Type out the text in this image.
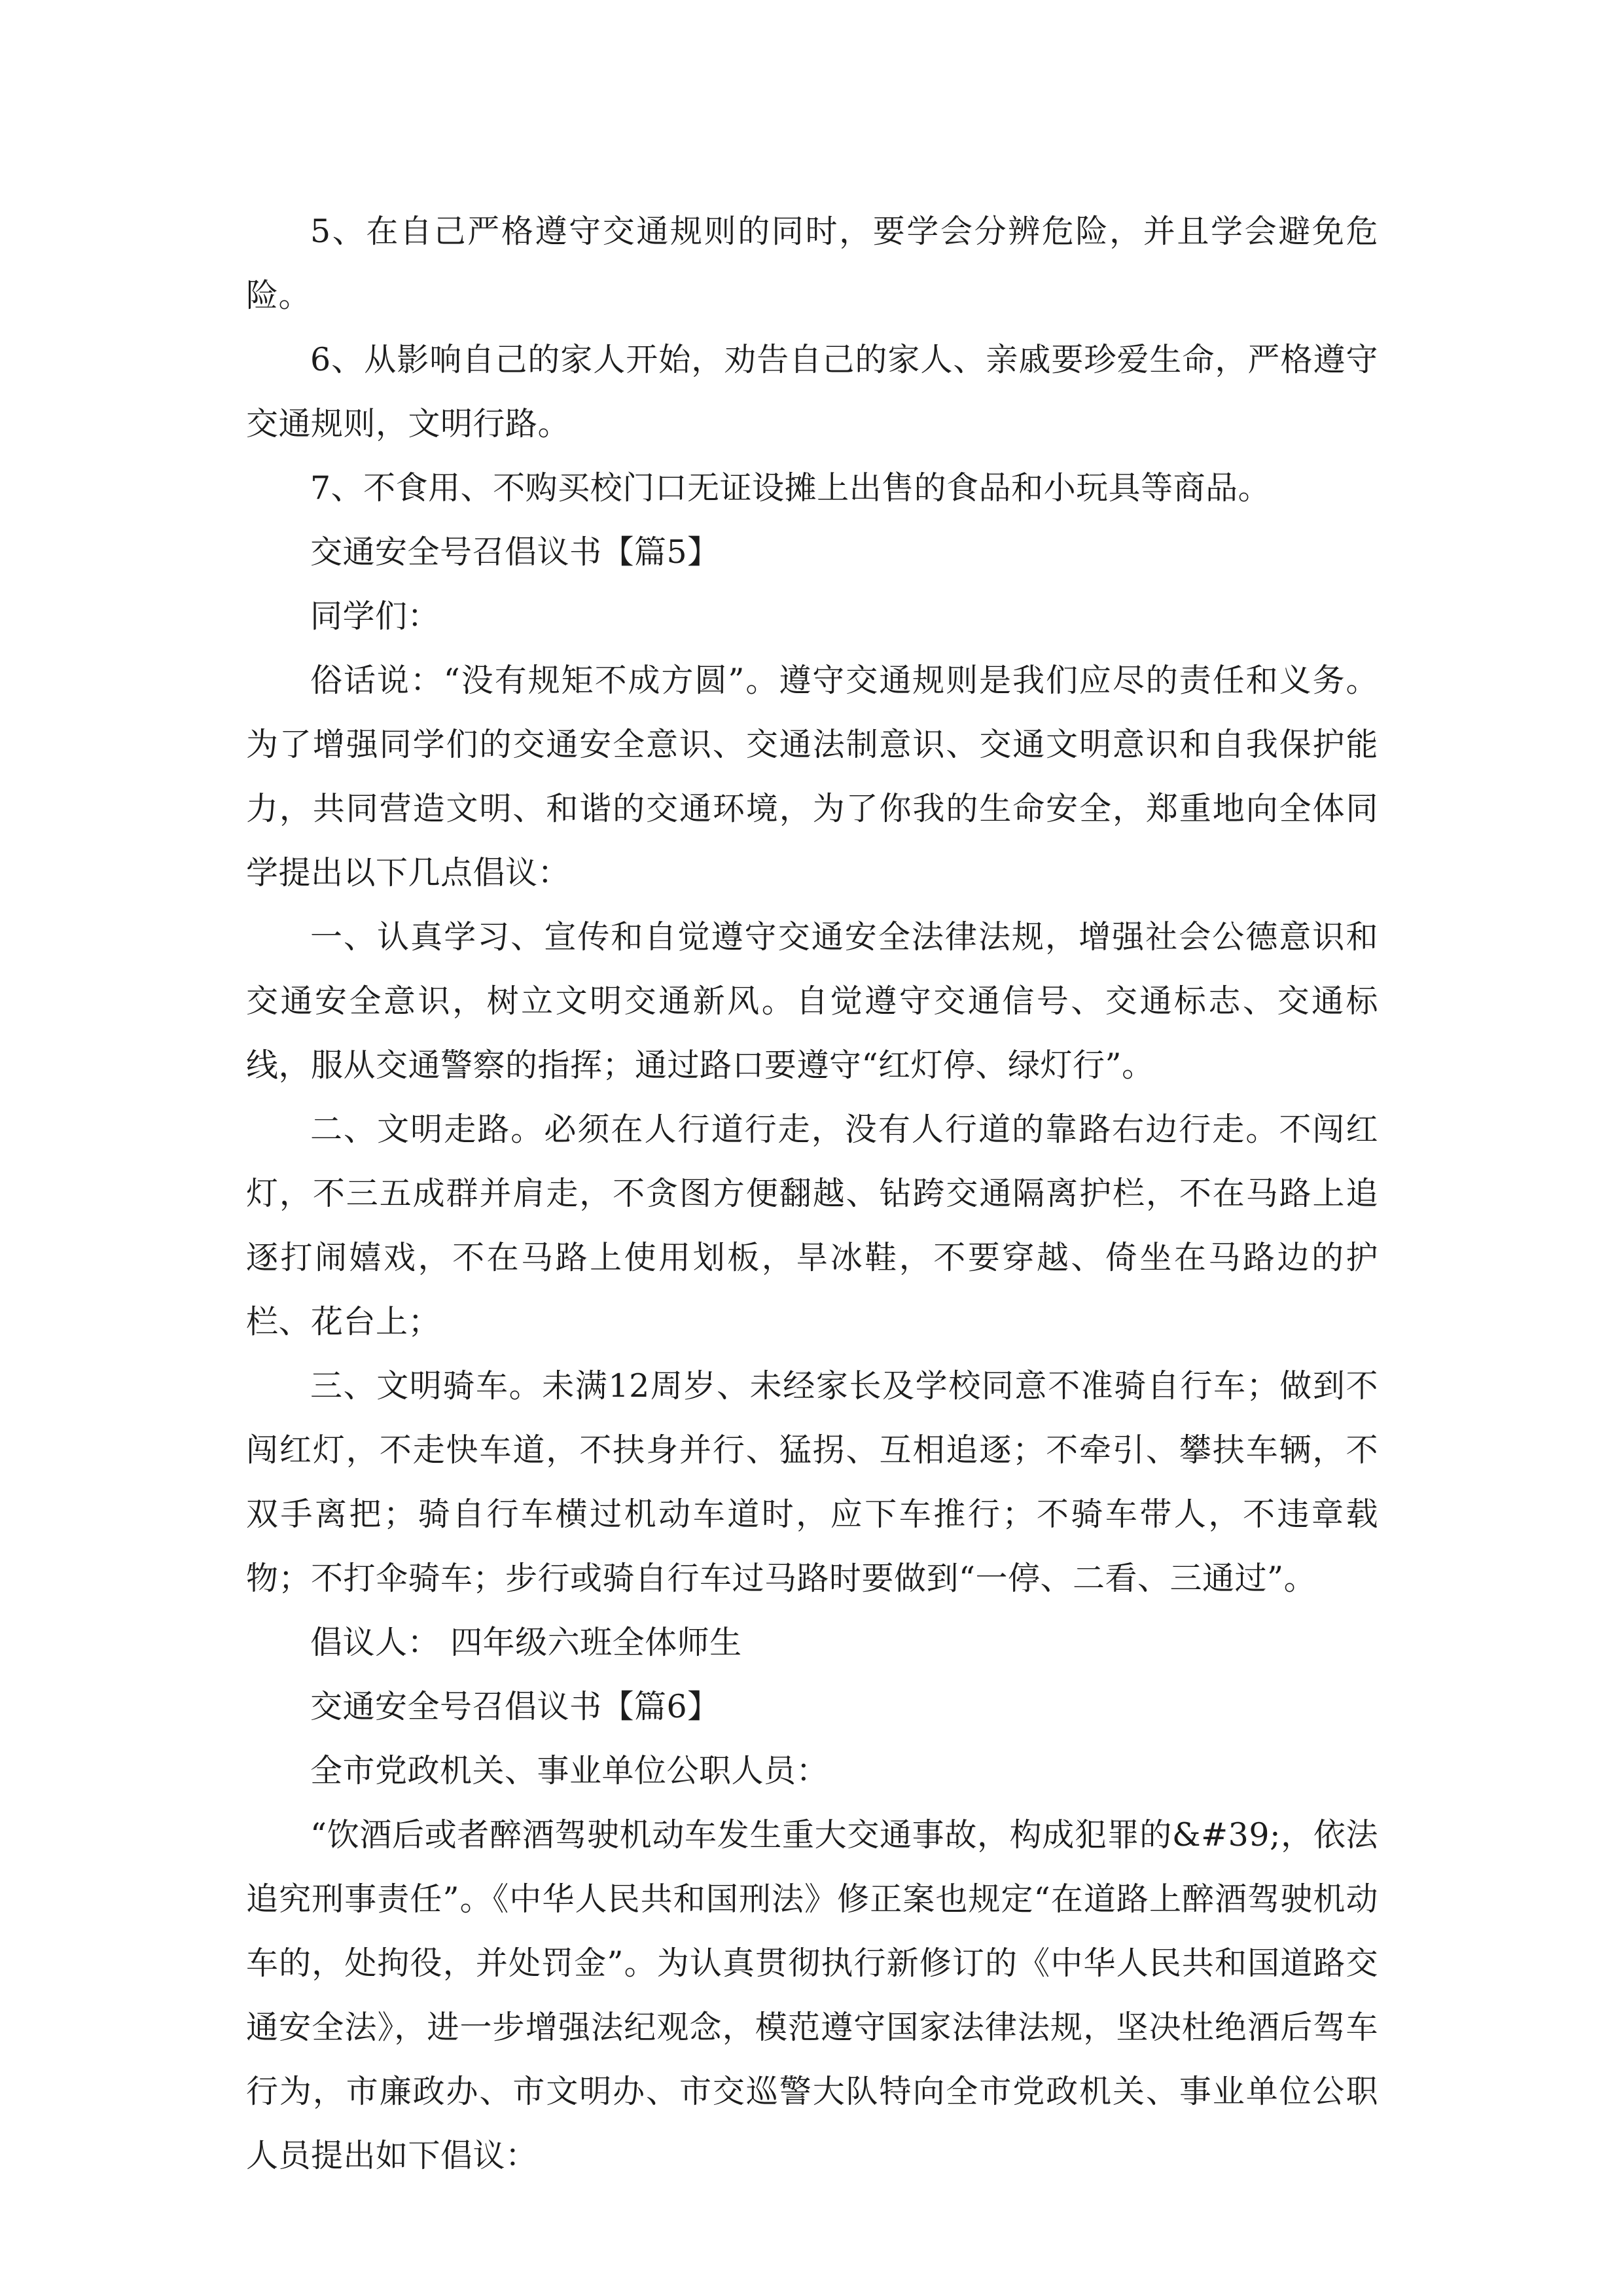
5、在自己严格遵守交通规则的同时，要学会分辨危险，并且学会避免危险。

6、从影响自己的家人开始，劝告自己的家人、亲戚要珍爱生命，严格遵守交通规则，文明行路。

7、不食用、不购买校门口无证设摊上出售的食品和小玩具等商品。

交通安全号召倡议书【篇5】

同学们：

俗话说：“没有规矩不成方圆”。遵守交通规则是我们应尽的责任和义务。为了增强同学们的交通安全意识、交通法制意识、交通文明意识和自我保护能力，共同营造文明、和谐的交通环境，为了你我的生命安全，郑重地向全体同学提出以下几点倡议：

一、认真学习、宣传和自觉遵守交通安全法律法规，增强社会公德意识和交通安全意识，树立文明交通新风。自觉遵守交通信号、交通标志、交通标线，服从交通警察的指挥；通过路口要遵守“红灯停、绿灯行”。

二、文明走路。必须在人行道行走，没有人行道的靠路右边行走。不闯红灯，不三五成群并肩走，不贪图方便翻越、钻跨交通隔离护栏，不在马路上追逐打闹嬉戏，不在马路上使用划板，旱冰鞋，不要穿越、倚坐在马路边的护栏、花台上；

三、文明骑车。未满12周岁、未经家长及学校同意不准骑自行车；做到不闯红灯，不走快车道，不扶身并行、猛拐、互相追逐；不牵引、攀扶车辆，不双手离把；骑自行车横过机动车道时，应下车推行；不骑车带人，不违章载物；不打伞骑车；步行或骑自行车过马路时要做到“一停、二看、三通过”。

倡议人： 四年级六班全体师生

交通安全号召倡议书【篇6】

全市党政机关、事业单位公职人员：

“饮酒后或者醉酒驾驶机动车发生重大交通事故，构成犯罪的&#39;，依法追究刑事责任”。《中华人民共和国刑法》修正案也规定“在道路上醉酒驾驶机动车的，处拘役，并处罚金”。为认真贯彻执行新修订的《中华人民共和国道路交通安全法》，进一步增强法纪观念，模范遵守国家法律法规，坚决杜绝酒后驾车行为，市廉政办、市文明办、市交巡警大队特向全市党政机关、事业单位公职人员提出如下倡议：
